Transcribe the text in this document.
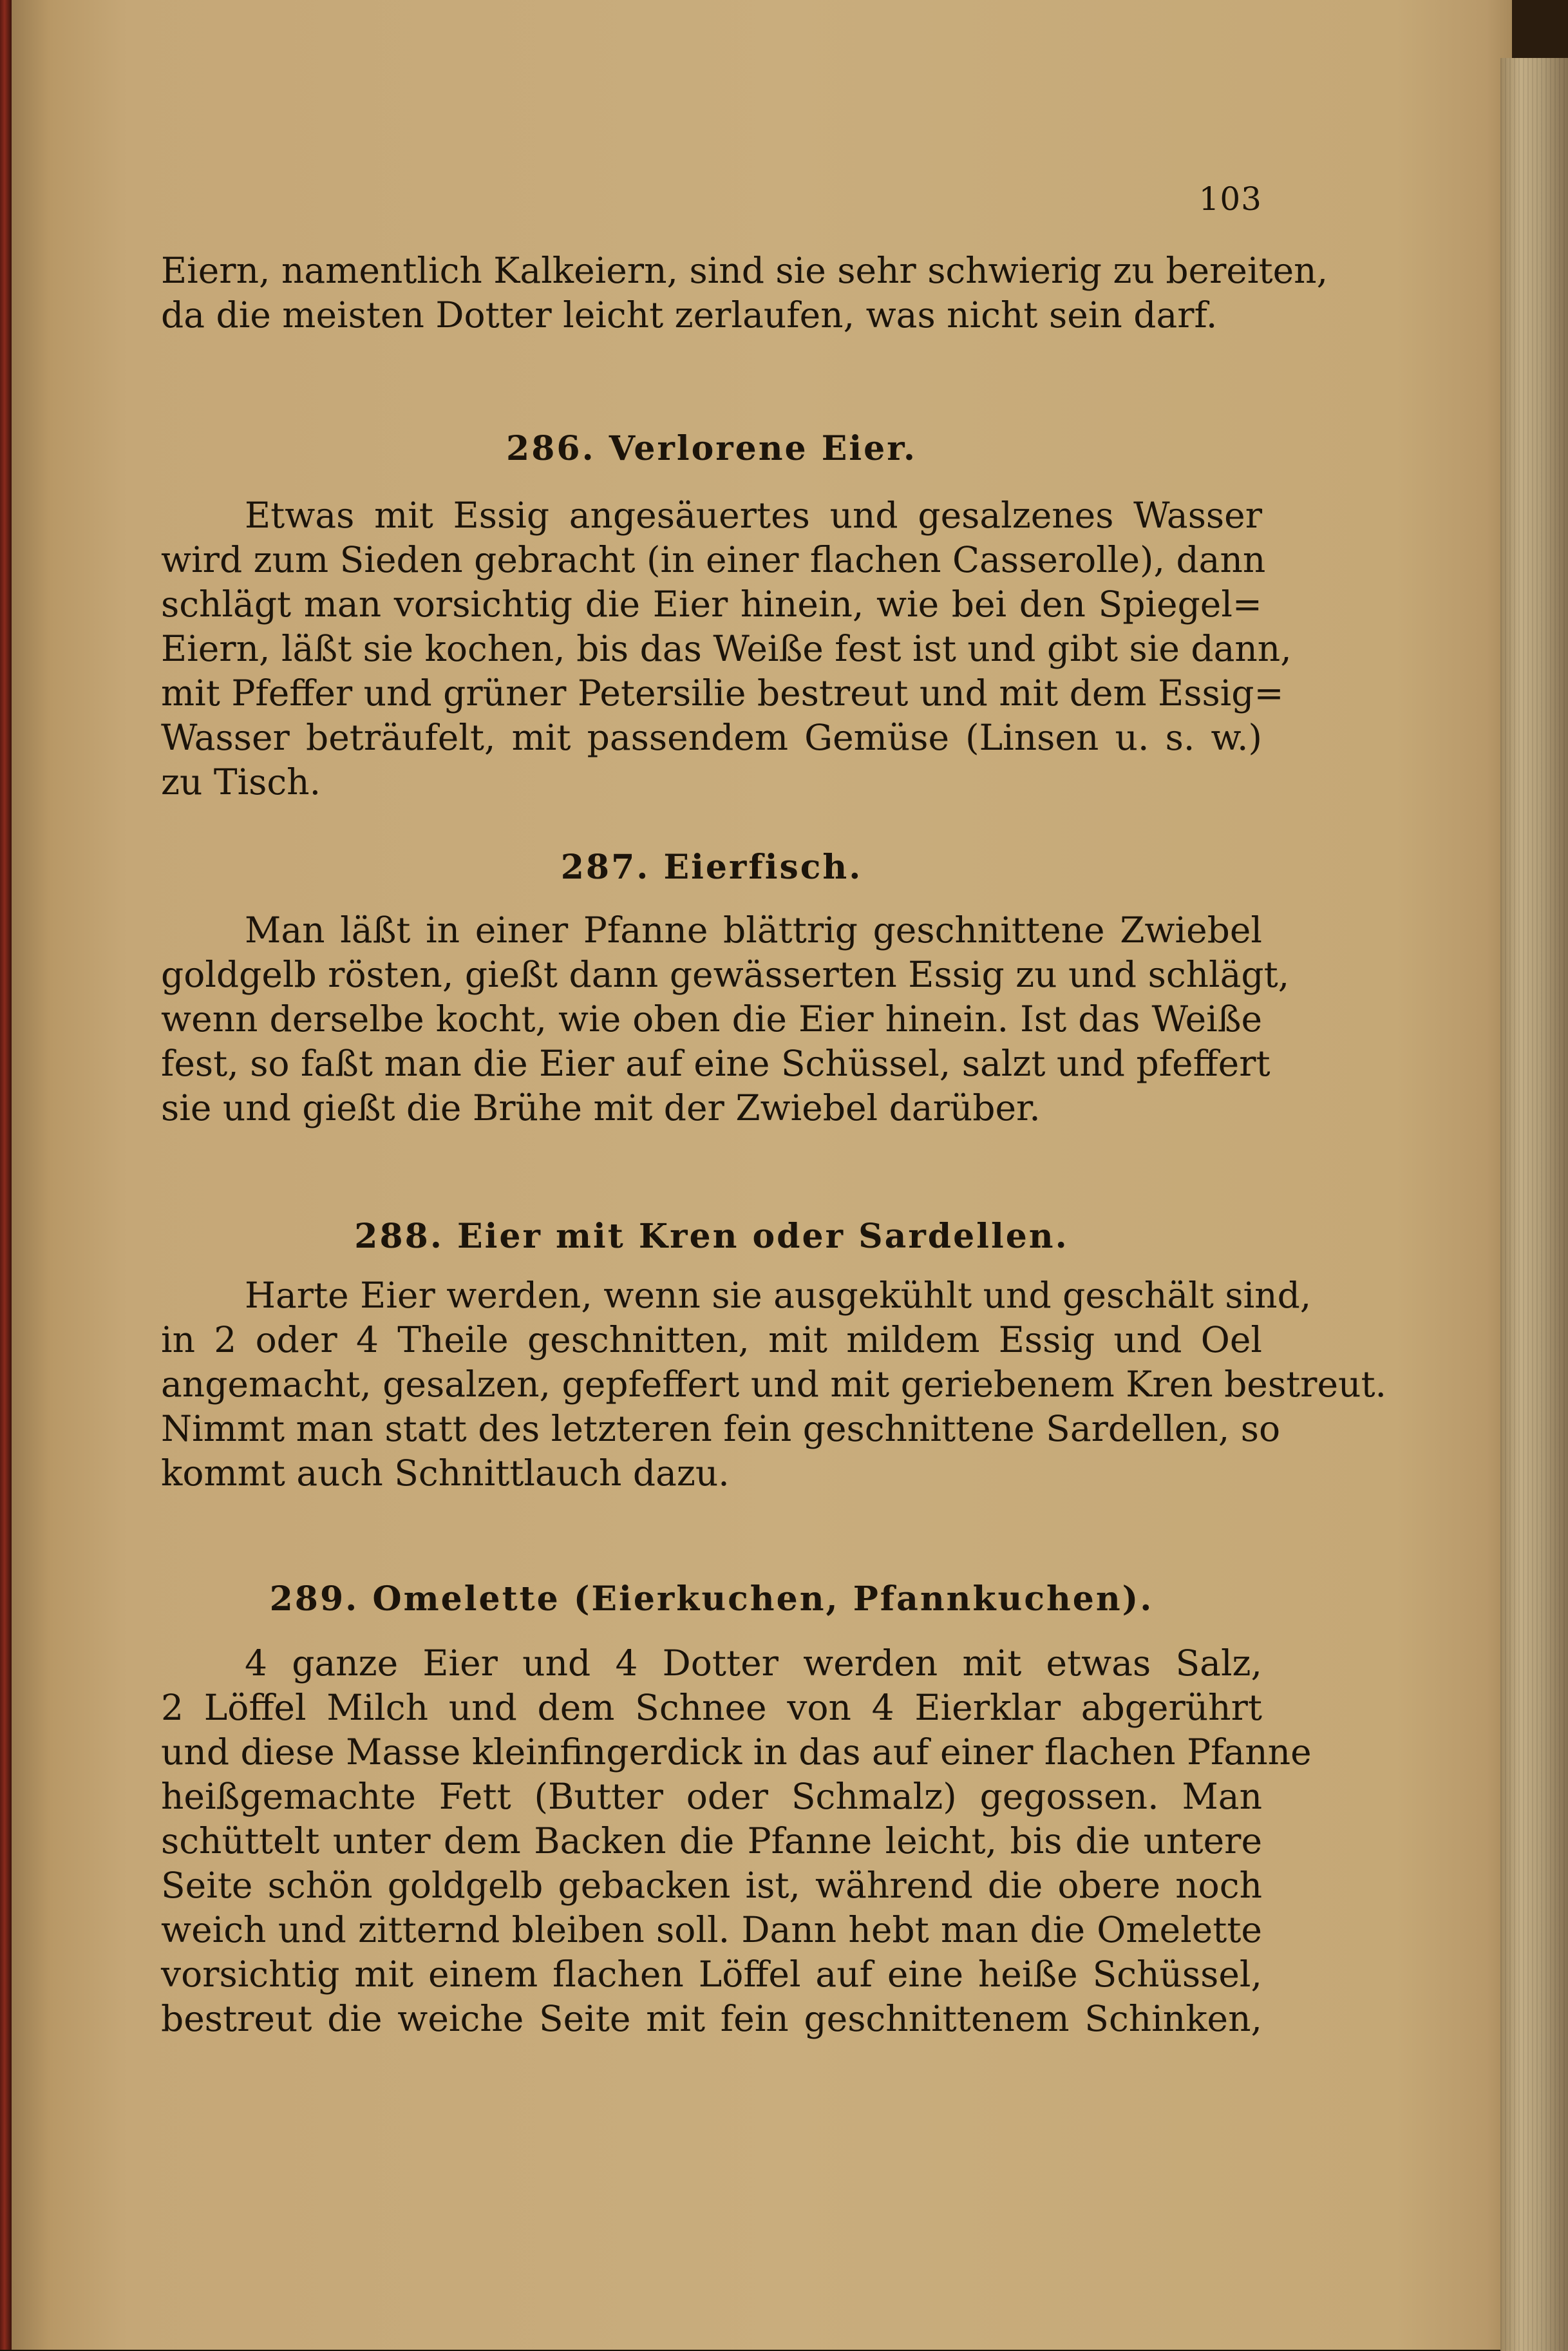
103
Eiern, namentlich Kalkeiern, sind sie sehr schwierig zu bereiten,
da die meisten Dotter leicht zerlaufen, was nicht sein darf.
286. Verlorene Eier.
Etwas mit Essig angesäuertes und gesalzenes Wasser
wird zum Sieden gebracht (in einer flachen Casserolle), dann
schlägt man vorsichtig die Eier hinein, wie bei den Spiegel=
Eiern, läßt sie kochen, bis das Weiße fest ist und gibt sie dann,
mit Pfeffer und grüner Petersilie bestreut und mit dem Essig=
Wasser beträufelt, mit passendem Gemüse (Linsen u. s. w.)
zu Tisch.
287. Eierfisch.
Man läßt in einer Pfanne blättrig geschnittene Zwiebel
goldgelb rösten, gießt dann gewässerten Essig zu und schlägt,
wenn derselbe kocht, wie oben die Eier hinein. Ist das Weiße
fest, so faßt man die Eier auf eine Schüssel, salzt und pfeffert
sie und gießt die Brühe mit der Zwiebel darüber.
288. Eier mit Kren oder Sardellen.
Harte Eier werden, wenn sie ausgekühlt und geschält sind,
in 2 oder 4 Theile geschnitten, mit mildem Essig und Oel
angemacht, gesalzen, gepfeffert und mit geriebenem Kren bestreut.
Nimmt man statt des letzteren fein geschnittene Sardellen, so
kommt auch Schnittlauch dazu.
289. Omelette (Eierkuchen, Pfannkuchen).
4 ganze Eier und 4 Dotter werden mit etwas Salz,
2 Löffel Milch und dem Schnee von 4 Eierklar abgerührt
und diese Masse kleinfingerdick in das auf einer flachen Pfanne
heißgemachte Fett (Butter oder Schmalz) gegossen. Man
schüttelt unter dem Backen die Pfanne leicht, bis die untere
Seite schön goldgelb gebacken ist, während die obere noch
weich und zitternd bleiben soll. Dann hebt man die Omelette
vorsichtig mit einem flachen Löffel auf eine heiße Schüssel,
bestreut die weiche Seite mit fein geschnittenem Schinken,
